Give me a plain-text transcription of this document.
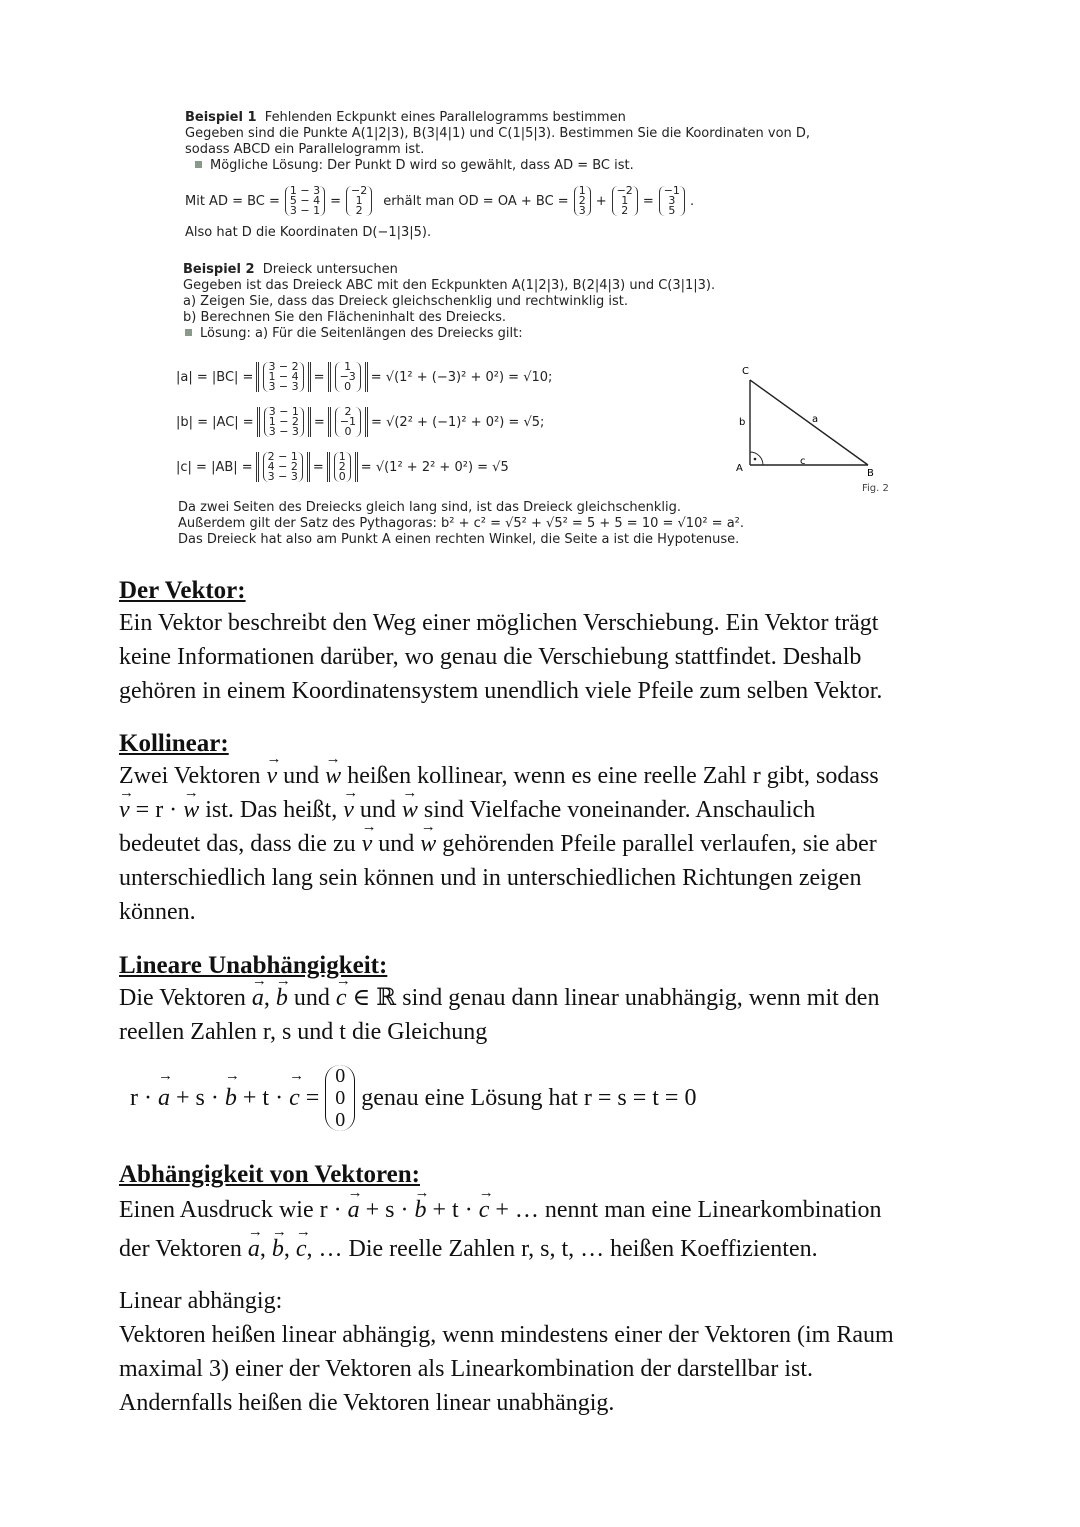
Beispiel 1 Fehlenden Eckpunkt eines Parallelogramms bestimmen
Gegeben sind die Punkte A(1|2|3), B(3|4|1) und C(1|5|3). Bestimmen Sie die Koordinaten von D,
sodass ABCD ein Parallelogramm ist.
Mögliche Lösung: Der Punkt D wird so gewählt, dass AD = BC ist.
Mit AD = BC =
1 − 3
5 − 4
3 − 1
=
−2
1
2
erhält man OD = OA + BC =
1
2
3
+
−2
1
2
=
−1
3
5
.
Also hat D die Koordinaten D(−1|3|5).
Beispiel 2 Dreieck untersuchen
Gegeben ist das Dreieck ABC mit den Eckpunkten A(1|2|3), B(2|4|3) und C(3|1|3).
a) Zeigen Sie, dass das Dreieck gleichschenklig und rechtwinklig ist.
b) Berechnen Sie den Flächeninhalt des Dreiecks.
Lösung: a) Für die Seitenlängen des Dreiecks gilt:
|a| = |BC| =
3 − 2
1 − 4
3 − 3
=
1
−3
0
= √(1² + (−3)² + 0²) = √10;
|b| = |AC| =
3 − 1
1 − 2
3 − 3
=
2
−1
0
= √(2² + (−1)² + 0²) = √5;
|c| = |AB| =
2 − 1
4 − 2
3 − 3
=
1
2
0
= √(1² + 2² + 0²) = √5
C
A	B
a
b
c
Fig. 2
Da zwei Seiten des Dreiecks gleich lang sind, ist das Dreieck gleichschenklig.
Außerdem gilt der Satz des Pythagoras: b² + c² = √5² + √5² = 5 + 5 = 10 = √10² = a².
Das Dreieck hat also am Punkt A einen rechten Winkel, die Seite a ist die Hypotenuse.
Der Vektor:

Ein Vektor beschreibt den Weg einer möglichen Verschiebung. Ein Vektor trägt

keine Informationen darüber, wo genau die Verschiebung stattfindet. Deshalb

gehören in einem Koordinatensystem unendlich viele Pfeile zum selben Vektor.

Kollinear:

Zwei Vektoren → v und → w heißen kollinear, wenn es eine reelle Zahl r gibt, sodass

→ v = r · → w ist. Das heißt, → v und → w sind Vielfache voneinander. Anschaulich

bedeutet das, dass die zu → v und → w gehörenden Pfeile parallel verlaufen, sie aber

unterschiedlich lang sein können und in unterschiedlichen Richtungen zeigen

können.

Lineare Unabhängigkeit:

Die Vektoren → a, → b und → c ∈ ℝ sind genau dann linear unabhängig, wenn mit den

reellen Zahlen r, s und t die Gleichung

r · → a + s · → b + t · → c =
0
0
0
genau eine Lösung hat r = s = t = 0
Abhängigkeit von Vektoren:

Einen Ausdruck wie r · → a + s · → b + t · → c + … nennt man eine Linearkombination

der Vektoren → a, → b, → c, … Die reelle Zahlen r, s, t, … heißen Koeffizienten.

Linear abhängig:

Vektoren heißen linear abhängig, wenn mindestens einer der Vektoren (im Raum

maximal 3) einer der Vektoren als Linearkombination der darstellbar ist.

Andernfalls heißen die Vektoren linear unabhängig.
